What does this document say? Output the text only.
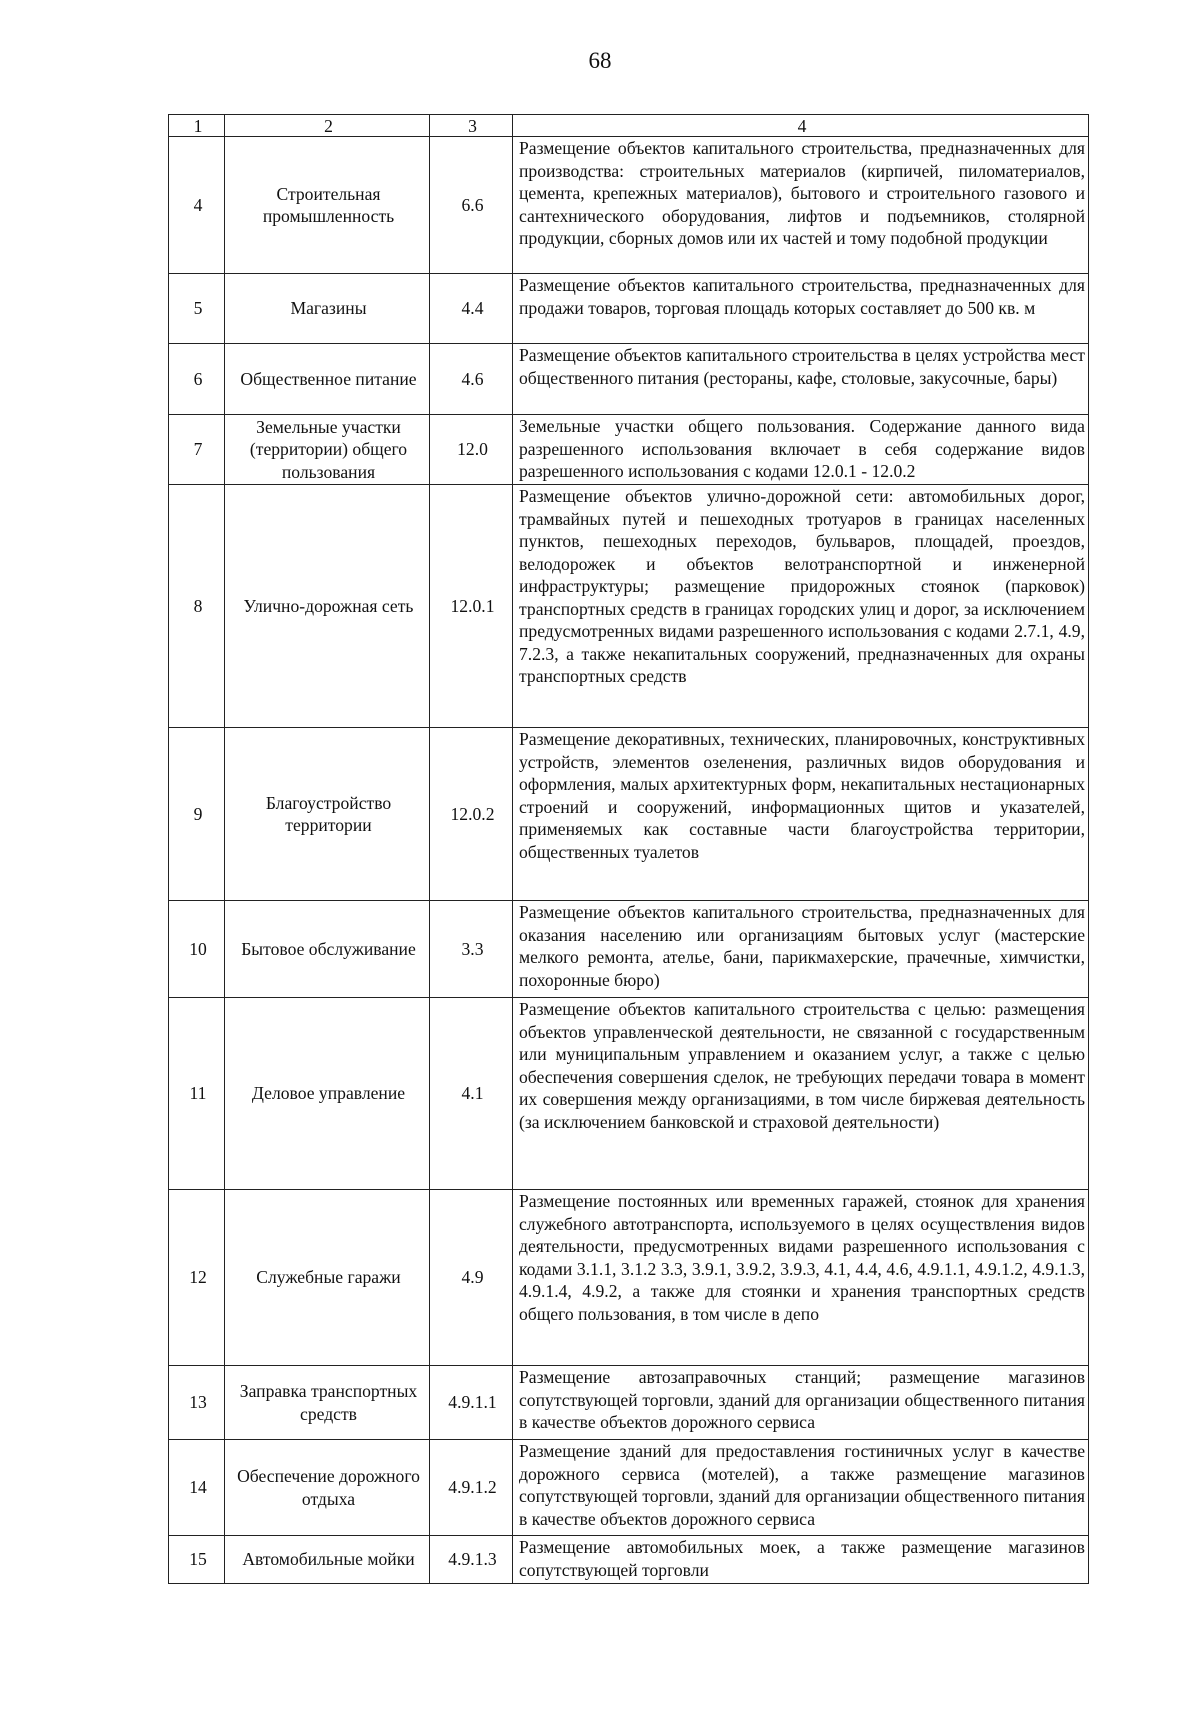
68
1	2	3	4
4	Строительная промышленность	6.6	Размещение объектов капитального строительства, предназначенных для производства: строительных материалов (кирпичей, пиломатериалов, цемента, крепежных материалов), бытового и строительного газового и сантехнического оборудования, лифтов и подъемников, столярной продукции, сборных домов или их частей и тому подобной продукции
5	Магазины	4.4	Размещение объектов капитального строительства, предназначенных для продажи товаров, торговая площадь которых составляет до 500 кв. м
6	Общественное питание	4.6	Размещение объектов капитального строительства в целях устройства мест общественного питания (рестораны, кафе, столовые, закусочные, бары)
7	Земельные участки (территории) общего пользования	12.0	Земельные участки общего пользования. Содержание данного вида разрешенного использования включает в себя содержание видов разрешенного использования с кодами 12.0.1 - 12.0.2
8	Улично-дорожная сеть	12.0.1	Размещение объектов улично-дорожной сети: автомобильных дорог, трамвайных путей и пешеходных тротуаров в границах населенных пунктов, пешеходных переходов, бульваров, площадей, проездов, велодорожек и объектов велотранспортной и инженерной инфраструктуры; размещение придорожных стоянок (парковок) транспортных средств в границах городских улиц и дорог, за исключением предусмотренных видами разрешенного использования с кодами 2.7.1, 4.9, 7.2.3, а также некапитальных сооружений, предназначенных для охраны транспортных средств
9	Благоустройство территории	12.0.2	Размещение декоративных, технических, планировочных, конструктивных устройств, элементов озеленения, различных видов оборудования и оформления, малых архитектурных форм, некапитальных нестационарных строений и сооружений, информационных щитов и указателей, применяемых как составные части благоустройства территории, общественных туалетов
10	Бытовое обслуживание	3.3	Размещение объектов капитального строительства, предназначенных для оказания населению или организациям бытовых услуг (мастерские мелкого ремонта, ателье, бани, парикмахерские, прачечные, химчистки, похоронные бюро)
11	Деловое управление	4.1	Размещение объектов капитального строительства с целью: размещения объектов управленческой деятельности, не связанной с государственным или муниципальным управлением и оказанием услуг, а также с целью обеспечения совершения сделок, не требующих передачи товара в момент их совершения между организациями, в том числе биржевая деятельность (за исключением банковской и страховой деятельности)
12	Служебные гаражи	4.9	Размещение постоянных или временных гаражей, стоянок для хранения служебного автотранспорта, используемого в целях осуществления видов деятельности, предусмотренных видами разрешенного использования с кодами 3.1.1, 3.1.2 3.3, 3.9.1, 3.9.2, 3.9.3, 4.1, 4.4, 4.6, 4.9.1.1, 4.9.1.2, 4.9.1.3, 4.9.1.4, 4.9.2, а также для стоянки и хранения транспортных средств общего пользования, в том числе в депо
13	Заправка транспортных средств	4.9.1.1	Размещение автозаправочных станций; размещение магазинов сопутствующей торговли, зданий для организации общественного питания в качестве объектов дорожного сервиса
14	Обеспечение дорожного отдыха	4.9.1.2	Размещение зданий для предоставления гостиничных услуг в качестве дорожного сервиса (мотелей), а также размещение магазинов сопутствующей торговли, зданий для организации общественного питания в качестве объектов дорожного сервиса
15	Автомобильные мойки	4.9.1.3	Размещение автомобильных моек, а также размещение магазинов сопутствующей торговли
